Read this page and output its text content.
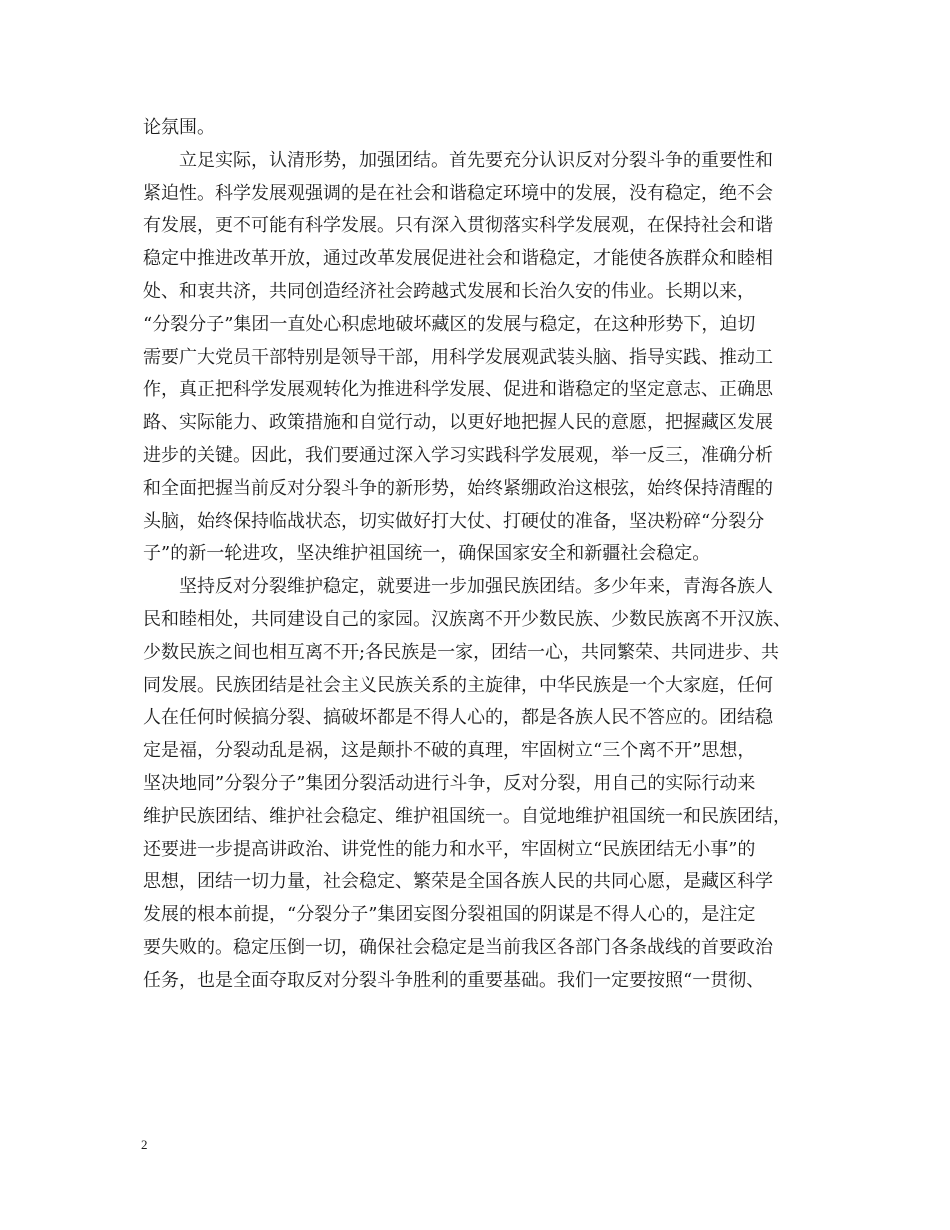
论氛围。
　　立足实际，认清形势，加强团结。首先要充分认识反对分裂斗争的重要性和
紧迫性。科学发展观强调的是在社会和谐稳定环境中的发展，没有稳定，绝不会
有发展，更不可能有科学发展。只有深入贯彻落实科学发展观，在保持社会和谐
稳定中推进改革开放，通过改革发展促进社会和谐稳定，才能使各族群众和睦相
处、和衷共济，共同创造经济社会跨越式发展和长治久安的伟业。长期以来，
“分裂分子”集团一直处心积虑地破坏藏区的发展与稳定，在这种形势下，迫切
需要广大党员干部特别是领导干部，用科学发展观武装头脑、指导实践、推动工
作，真正把科学发展观转化为推进科学发展、促进和谐稳定的坚定意志、正确思
路、实际能力、政策措施和自觉行动，以更好地把握人民的意愿，把握藏区发展
进步的关键。因此，我们要通过深入学习实践科学发展观，举一反三，准确分析
和全面把握当前反对分裂斗争的新形势，始终紧绷政治这根弦，始终保持清醒的
头脑，始终保持临战状态，切实做好打大仗、打硬仗的准备，坚决粉碎“分裂分
子”的新一轮进攻，坚决维护祖国统一，确保国家安全和新疆社会稳定。
　　坚持反对分裂维护稳定，就要进一步加强民族团结。多少年来，青海各族人
民和睦相处，共同建设自己的家园。汉族离不开少数民族、少数民族离不开汉族、
少数民族之间也相互离不开;各民族是一家，团结一心，共同繁荣、共同进步、共
同发展。民族团结是社会主义民族关系的主旋律，中华民族是一个大家庭，任何
人在任何时候搞分裂、搞破坏都是不得人心的，都是各族人民不答应的。团结稳
定是福，分裂动乱是祸，这是颠扑不破的真理，牢固树立“三个离不开”思想，
坚决地同”分裂分子”集团分裂活动进行斗争，反对分裂，用自己的实际行动来
维护民族团结、维护社会稳定、维护祖国统一。自觉地维护祖国统一和民族团结，
还要进一步提高讲政治、讲党性的能力和水平，牢固树立“民族团结无小事”的
思想，团结一切力量，社会稳定、繁荣是全国各族人民的共同心愿，是藏区科学
发展的根本前提，“分裂分子”集团妄图分裂祖国的阴谋是不得人心的，是注定
要失败的。稳定压倒一切，确保社会稳定是当前我区各部门各条战线的首要政治
任务，也是全面夺取反对分裂斗争胜利的重要基础。我们一定要按照“一贯彻、
2
